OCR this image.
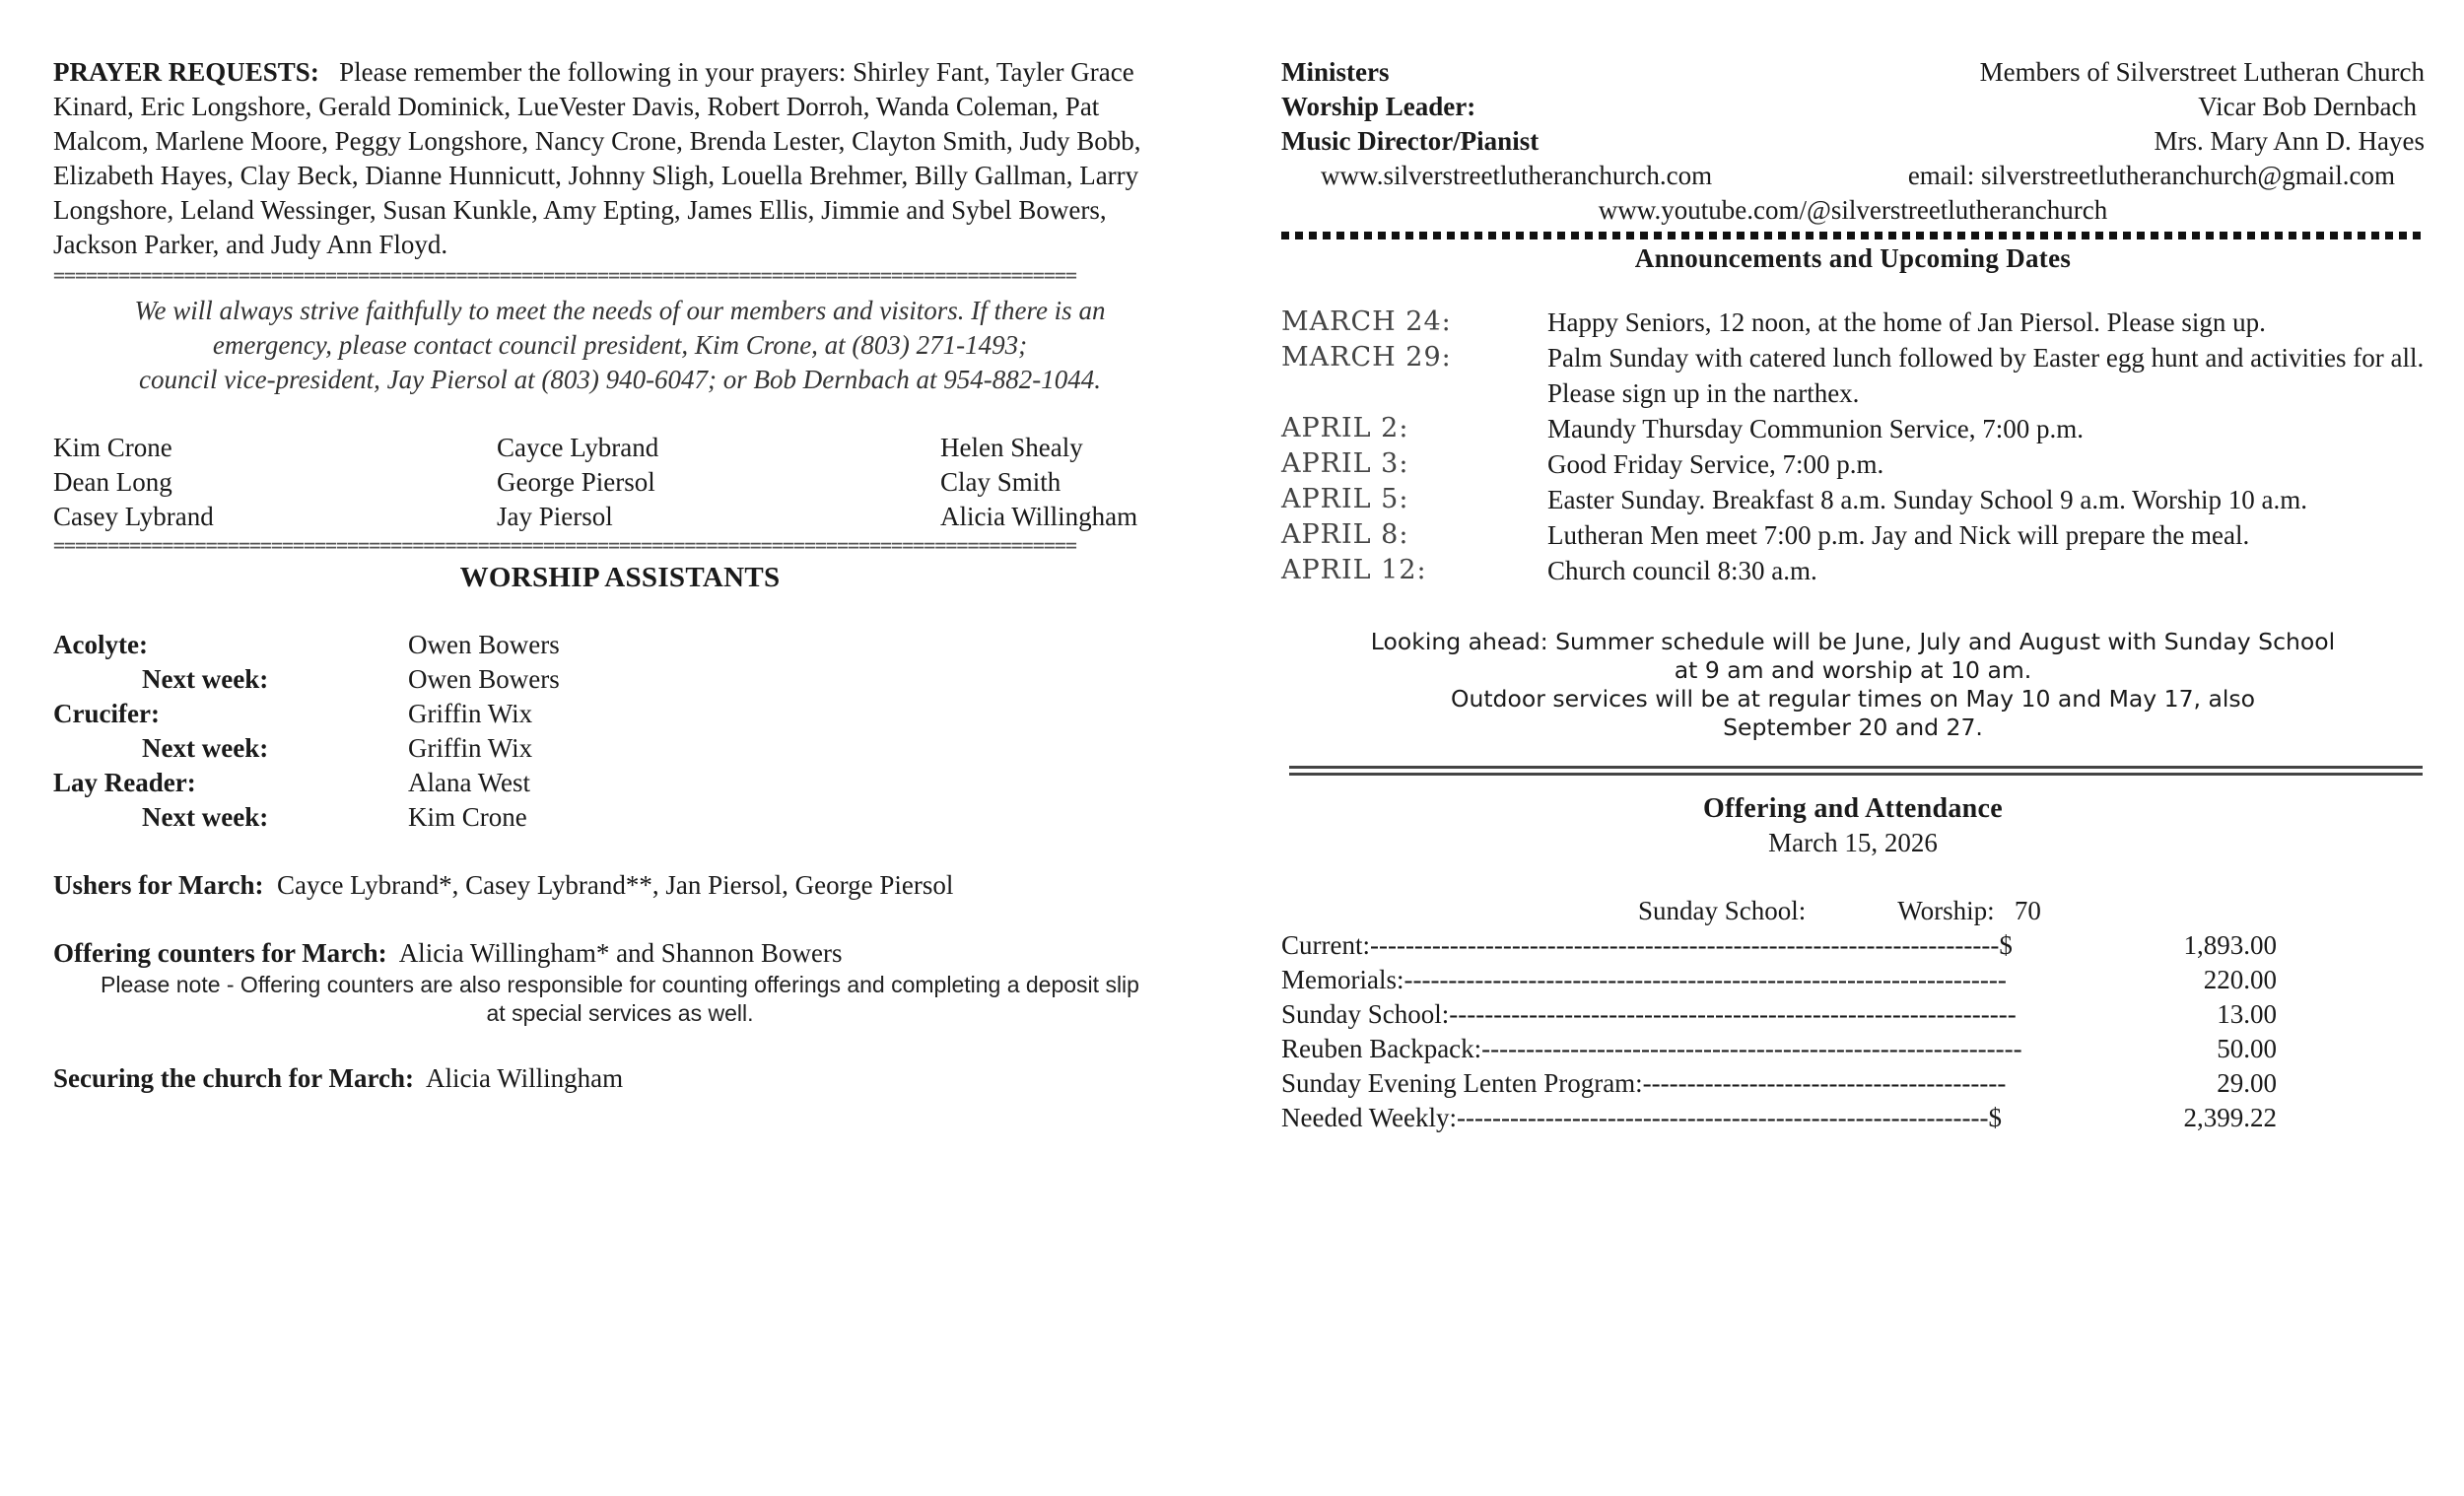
PRAYER REQUESTS: Please remember the following in your prayers: Shirley Fant, Tayler Grace Kinard, Eric Longshore, Gerald Dominick, LueVester Davis, Robert Dorroh, Wanda Coleman, Pat Malcom, Marlene Moore, Peggy Longshore, Nancy Crone, Brenda Lester, Clayton Smith, Judy Bobb, Elizabeth Hayes, Clay Beck, Dianne Hunnicutt, Johnny Sligh, Louella Brehmer, Billy Gallman, Larry Longshore, Leland Wessinger, Susan Kunkle, Amy Epting, James Ellis, Jimmie and Sybel Bowers, Jackson Parker, and Judy Ann Floyd.
==============================================================================================
We will always strive faithfully to meet the needs of our members and visitors. If there is an
emergency, please contact council president, Kim Crone, at (803) 271-1493;
council vice-president, Jay Piersol at (803) 940-6047; or Bob Dernbach at 954-882-1044.
Kim Crone	Cayce Lybrand	Helen Shealy
Dean Long	George Piersol	Clay Smith
Casey Lybrand	Jay Piersol	Alicia Willingham
==============================================================================================
WORSHIP ASSISTANTS
Acolyte:	Owen Bowers
Next week:	Owen Bowers
Crucifer:	Griffin Wix
Next week:	Griffin Wix
Lay Reader:	Alana West
Next week:	Kim Crone
Ushers for March: Cayce Lybrand*, Casey Lybrand**, Jan Piersol, George Piersol
Offering counters for March: Alicia Willingham* and Shannon Bowers
Please note - Offering counters are also responsible for counting offerings and completing a deposit slip
at special services as well.
Securing the church for March: Alicia Willingham
Ministers	Members of Silverstreet Lutheran Church
Worship Leader:	Vicar Bob Dernbach
Music Director/Pianist	Mrs. Mary Ann D. Hayes
www.silverstreetlutheranchurch.com	email: silverstreetlutheranchurch@gmail.com
www.youtube.com/@silverstreetlutheranchurch
Announcements and Upcoming Dates
MARCH 24:	Happy Seniors, 12 noon, at the home of Jan Piersol. Please sign up.
MARCH 29:	Palm Sunday with catered lunch followed by Easter egg hunt and activities for all. Please sign up in the narthex.
APRIL 2:	Maundy Thursday Communion Service, 7:00 p.m.
APRIL 3:	Good Friday Service, 7:00 p.m.
APRIL 5:	Easter Sunday. Breakfast 8 a.m. Sunday School 9 a.m. Worship 10 a.m.
APRIL 8:	Lutheran Men meet 7:00 p.m. Jay and Nick will prepare the meal.
APRIL 12:	Church council 8:30 a.m.
Looking ahead: Summer schedule will be June, July and August with Sunday School
at 9 am and worship at 10 am.
Outdoor services will be at regular times on May 10 and May 17, also
September 20 and 27.
Offering and Attendance
March 15, 2026
Sunday School:	Worship: 70
Current:-----------------------------------------------------------------------$	1,893.00
Memorials:--------------------------------------------------------------------	220.00
Sunday School:----------------------------------------------------------------	13.00
Reuben Backpack:-------------------------------------------------------------	50.00
Sunday Evening Lenten Program:-----------------------------------------	29.00
Needed Weekly:------------------------------------------------------------$	2,399.22
